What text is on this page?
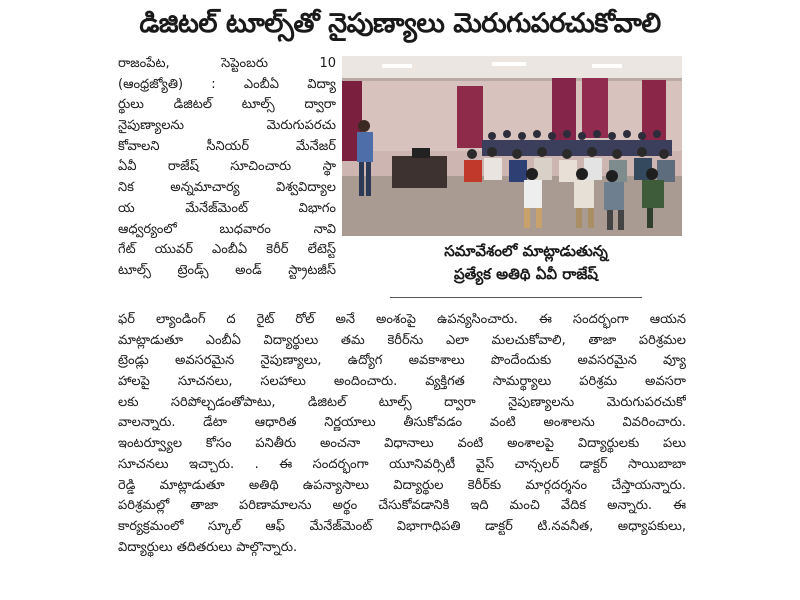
డిజిటల్ టూల్స్‌తో నైపుణ్యాలు మెరుగుపరచుకోవాలి
రాజంపేట, సెప్టెంబరు 10
(ఆంధ్రజ్యోతి) : ఎంబీఏ విద్యా
ర్థులు డిజిటల్ టూల్స్ ద్వారా
నైపుణ్యాలను మెరుగుపరచు
కోవాలని సీనియర్ మేనేజర్
ఏవీ రాజేష్ సూచించారు స్థా
నిక అన్నమాచార్య విశ్వవిద్యాల
య మేనేజ్‌మెంట్ విభాగం
ఆధ్వర్యంలో బుధవారం నావి
గేట్ యువర్ ఎంబీఏ కెరీర్ లేటెస్ట్
టూల్స్ ట్రెండ్స్ అండ్ స్ట్రాటజీస్
సమావేశంలో మాట్లాడుతున్న
ప్రత్యేక అతిథి ఏవీ రాజేష్
ఫర్ ల్యాండింగ్ ద రైట్ రోల్ అనే అంశంపై ఉపన్యసించారు. ఈ సందర్భంగా ఆయన
మాట్లాడుతూ ఎంబీఏ విద్యార్థులు తమ కెరీర్‌ను ఎలా మలచుకోవాలి, తాజా పరిశ్రమల
ట్రెండ్లు అవసరమైన నైపుణ్యాలు, ఉద్యోగ అవకాశాలు పొందేందుకు అవసరమైన వ్యూ
హాలపై సూచనలు, సలహాలు అందించారు. వ్యక్తిగత సామర్థ్యాలు పరిశ్రమ అవసరా
లకు సరిపోల్చడంతోపాటు, డిజిటల్ టూల్స్ ద్వారా నైపుణ్యాలను మెరుగుపరచుకో
వాలన్నారు. డేటా ఆధారిత నిర్ణయాలు తీసుకోవడం వంటి అంశాలను వివరించారు.
ఇంటర్వ్యూల కోసం పనితీరు అంచనా విధానాలు వంటి అంశాలపై విద్యార్థులకు పలు
సూచనలు ఇచ్చారు. . ఈ సందర్భంగా యూనివర్సిటీ వైస్ చాన్సలర్ డాక్టర్ సాయిబాబా
రెడ్డి మాట్లాడుతూ అతిథి ఉపన్యాసాలు విద్యార్థుల కెరీర్‌కు మార్గదర్శనం చేస్తాయన్నారు.
పరిశ్రమల్లో తాజా పరిణామాలను అర్థం చేసుకోవడానికి ఇది మంచి వేదిక అన్నారు. ఈ
కార్యక్రమంలో స్కూల్ ఆఫ్ మేనేజ్‌మెంట్ విభాగాధిపతి డాక్టర్ టి.నవనీత, అధ్యాపకులు,
విద్యార్థులు తదితరులు పాల్గొన్నారు.
